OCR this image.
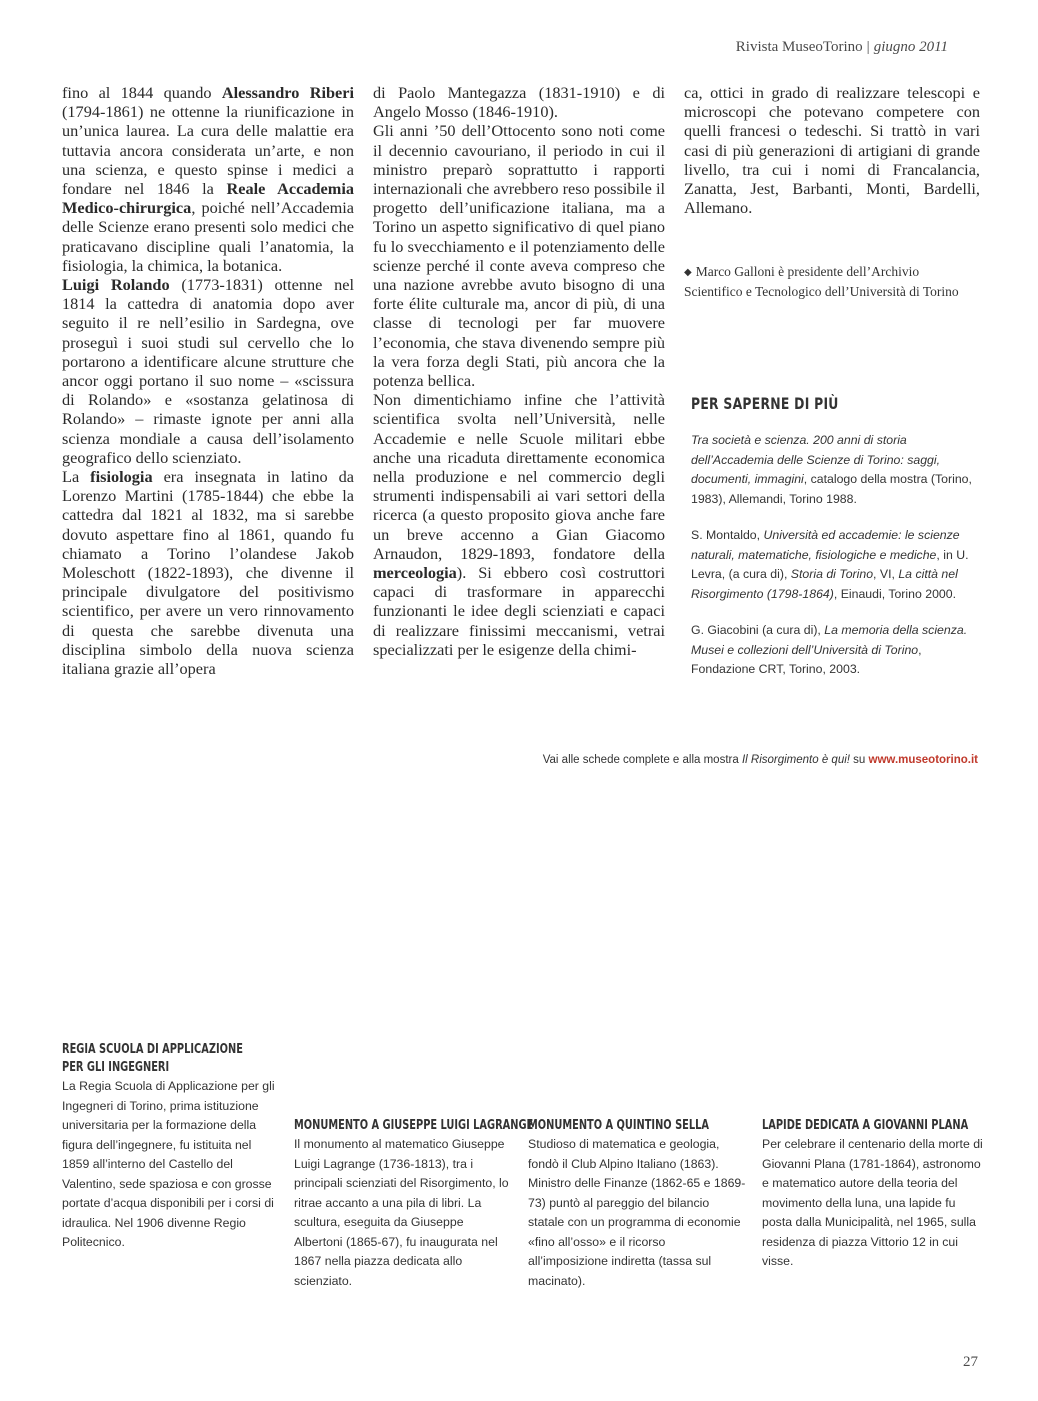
Rivista MuseoTorino | giugno 2011

fino al 1844 quando Alessandro Riberi (1794-1861) ne ottenne la riunificazione in un’unica laurea. La cura delle malattie era tuttavia ancora considerata un’arte, e non una scienza, e questo spinse i medici a fondare nel 1846 la Reale Accademia Medico-chirurgica, poiché nell’Accademia delle Scienze erano presenti solo medici che praticavano discipline quali l’anatomia, la fisiologia, la chimica, la botanica.

Luigi Rolando (1773-1831) ottenne nel 1814 la cattedra di anatomia dopo aver seguito il re nell’esilio in Sardegna, ove proseguì i suoi studi sul cervello che lo portarono a identificare alcune strutture che ancor oggi portano il suo nome – «scissura di Rolando» e «sostanza gelatinosa di Rolando» – rimaste ignote per anni alla scienza mondiale a causa dell’isolamento geografico dello scienziato.

La fisiologia era insegnata in latino da Lorenzo Martini (1785-1844) che ebbe la cattedra dal 1821 al 1832, ma si sarebbe dovuto aspettare fino al 1861, quando fu chiamato a Torino l’olandese Jakob Moleschott (1822-1893), che divenne il principale divulgatore del positivismo scientifico, per avere un vero rinnovamento di questa che sarebbe divenuta una disciplina simbolo della nuova scienza italiana grazie all’opera

di Paolo Mantegazza (1831-1910) e di Angelo Mosso (1846-1910).

Gli anni ’50 dell’Ottocento sono noti come il decennio cavouriano, il periodo in cui il ministro preparò soprattutto i rapporti internazionali che avrebbero reso possibile il progetto dell’unificazione italiana, ma a Torino un aspetto significativo di quel piano fu lo svecchiamento e il potenziamento delle scienze perché il conte aveva compreso che una nazione avrebbe avuto bisogno di una forte élite culturale ma, ancor di più, di una classe di tecnologi per far muovere l’economia, che stava divenendo sempre più la vera forza degli Stati, più ancora che la potenza bellica.

Non dimentichiamo infine che l’attività scientifica svolta nell’Università, nelle Accademie e nelle Scuole militari ebbe anche una ricaduta direttamente economica nella produzione e nel commercio degli strumenti indispensabili ai vari settori della ricerca (a questo proposito giova anche fare un breve accenno a Gian Giacomo Arnaudon, 1829-1893, fondatore della merceologia). Si ebbero così costruttori capaci di trasformare in apparecchi funzionanti le idee degli scienziati e capaci di realizzare finissimi meccanismi, vetrai specializzati per le esigenze della chimi-

ca, ottici in grado di realizzare telescopi e microscopi che potevano competere con quelli francesi o tedeschi. Si trattò in vari casi di più generazioni di artigiani di grande livello, tra cui i nomi di Francalancia, Zanatta, Jest, Barbanti, Monti, Bardelli, Allemano.

◆ Marco Galloni è presidente dell’Archivio Scientifico e Tecnologico dell’Università di Torino
PER SAPERNE DI PIÙ

Tra società e scienza. 200 anni di storia dell’Accademia delle Scienze di Torino: saggi, documenti, immagini, catalogo della mostra (Torino, 1983), Allemandi, Torino 1988.

S. Montaldo, Università ed accademie: le scienze naturali, matematiche, fisiologiche e mediche, in U. Levra, (a cura di), Storia di Torino, VI, La città nel Risorgimento (1798-1864), Einaudi, Torino 2000.

G. Giacobini (a cura di), La memoria della scienza. Musei e collezioni dell’Università di Torino, Fondazione CRT, Torino, 2003.

Vai alle schede complete e alla mostra Il Risorgimento è qui! su www.museotorino.it
REGIA SCUOLA DI APPLICAZIONE
PER GLI INGEGNERI

La Regia Scuola di Applicazione per gli Ingegneri di Torino, prima istituzione universitaria per la formazione della figura dell’ingegnere, fu istituita nel 1859 all’interno del Castello del Valentino, sede spaziosa e con grosse portate d’acqua disponibili per i corsi di idraulica. Nel 1906 divenne Regio Politecnico.

MONUMENTO A GIUSEPPE LUIGI LAGRANGE

Il monumento al matematico Giuseppe Luigi Lagrange (1736-1813), tra i principali scienziati del Risorgimento, lo ritrae accanto a una pila di libri. La scultura, eseguita da Giuseppe Albertoni (1865-67), fu inaugurata nel 1867 nella piazza dedicata allo scienziato.

MONUMENTO A QUINTINO SELLA

Studioso di matematica e geologia, fondò il Club Alpino Italiano (1863). Ministro delle Finanze (1862-65 e 1869-73) puntò al pareggio del bilancio statale con un programma di economie «fino all’osso» e il ricorso all’imposizione indiretta (tassa sul macinato).

LAPIDE DEDICATA A GIOVANNI PLANA

Per celebrare il centenario della morte di Giovanni Plana (1781-1864), astronomo e matematico autore della teoria del movimento della luna, una lapide fu posta dalla Municipalità, nel 1965, sulla residenza di piazza Vittorio 12 in cui visse.

27
